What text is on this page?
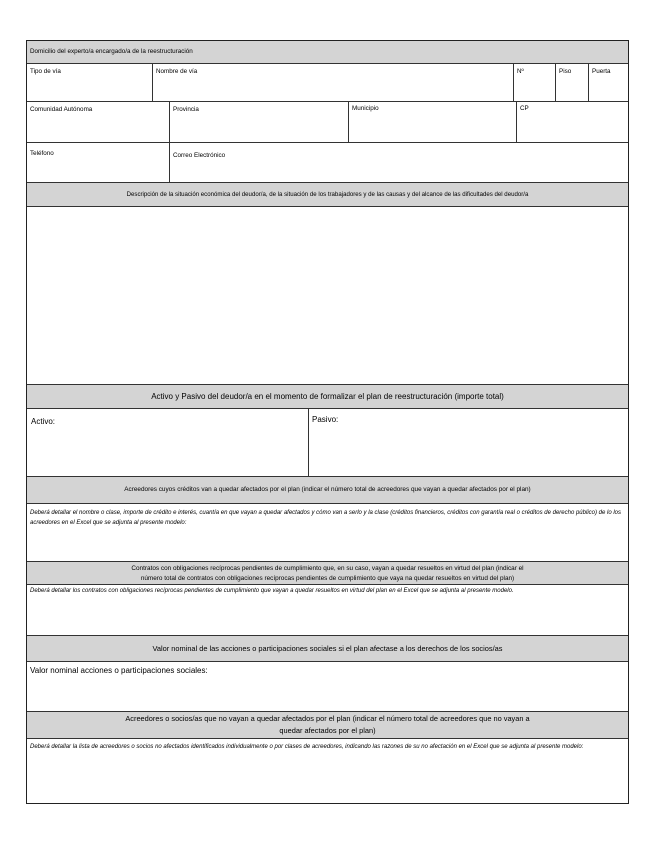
Domicilio del experto/a encargado/a de la reestructuración
Tipo de vía	Nombre de vía	Nº	Piso	Puerta
Comunidad Autónoma	Provincia	Municipio	CP
Teléfono	Correo Electrónico
Descripción de la situación económica del deudor/a, de la situación de los trabajadores y de las causas y del alcance de las dificultades del deudor/a
Activo y Pasivo del deudor/a en el momento de formalizar el plan de reestructuración (importe total)
Activo:	Pasivo:
Acreedores cuyos créditos van a quedar afectados por el plan (indicar el número total de acreedores que vayan a quedar afectados por el plan)
Deberá detallar el nombre o clase, importe de crédito e interés, cuantía en que vayan a quedar afectados y cómo van a serlo y la clase (créditos financieros, créditos con garantía real o créditos de derecho público) de lo los acreedores en el Excel que se adjunta al presente modelo:
Contratos con obligaciones recíprocas pendientes de cumplimiento que, en su caso, vayan a quedar resueltos en virtud del plan (indicar el
número total de contratos con obligaciones recíprocas pendientes de cumplimiento que vaya na quedar resueltos en virtud del plan)
Deberá detallar los contratos con obligaciones recíprocas pendientes de cumplimiento que vayan a quedar resueltos en virtud del plan en el Excel que se adjunta al presente modelo.
Valor nominal de las acciones o participaciones sociales si el plan afectase a los derechos de los socios/as
Valor nominal acciones o participaciones sociales:
Acreedores o socios/as que no vayan a quedar afectados por el plan (indicar el número total de acreedores que no vayan a
quedar afectados por el plan)
Deberá detallar la lista de acreedores o socios no afectados identificados individualmente o por clases de acreedores, indicando las razones de su no afectación en el Excel que se adjunta al presente modelo:
